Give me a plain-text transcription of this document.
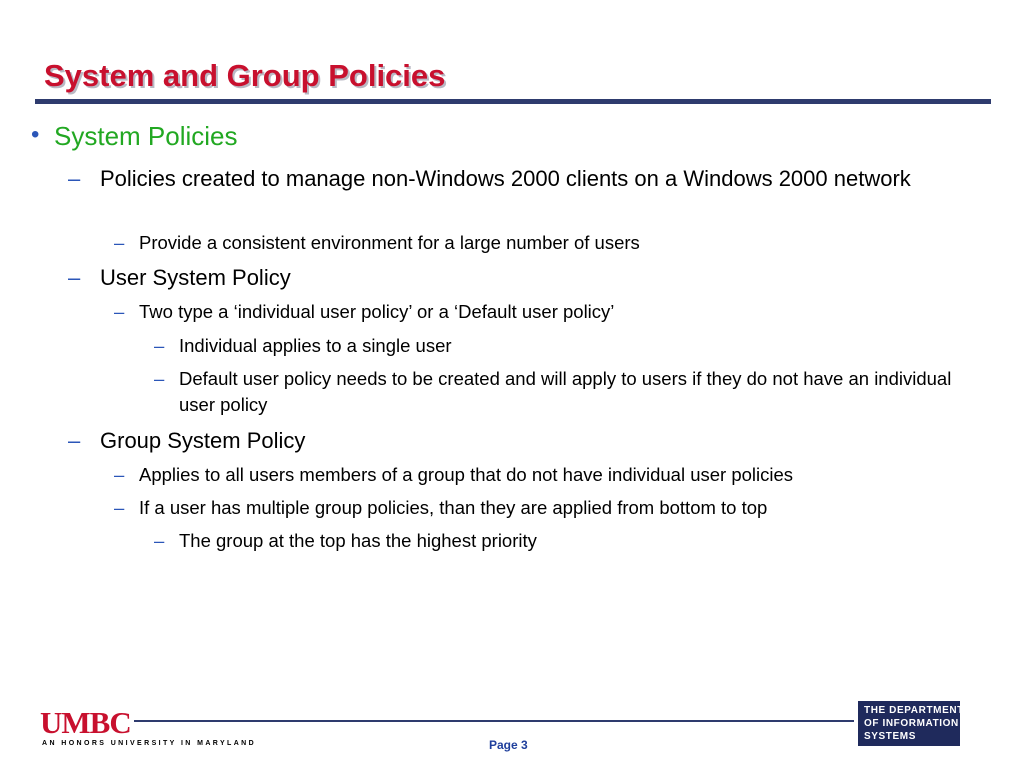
System and Group Policies
• System Policies
– Policies created to manage non-Windows 2000 clients on a Windows 2000 network
– Provide a consistent environment for a large number of users
– User System Policy
– Two type a ‘individual user policy’ or a ‘Default user policy’
– Individual applies to a single user
– Default user policy needs to be created and will apply to users if they do not have an individual user policy
– Group System Policy
– Applies to all users members of a group that do not have individual user policies
– If a user has multiple group policies, than they are applied from bottom to top
– The group at the top has the highest priority
UMBC
AN HONORS UNIVERSITY IN MARYLAND	Page 3
THE DEPARTMENT
OF INFORMATION
SYSTEMS
